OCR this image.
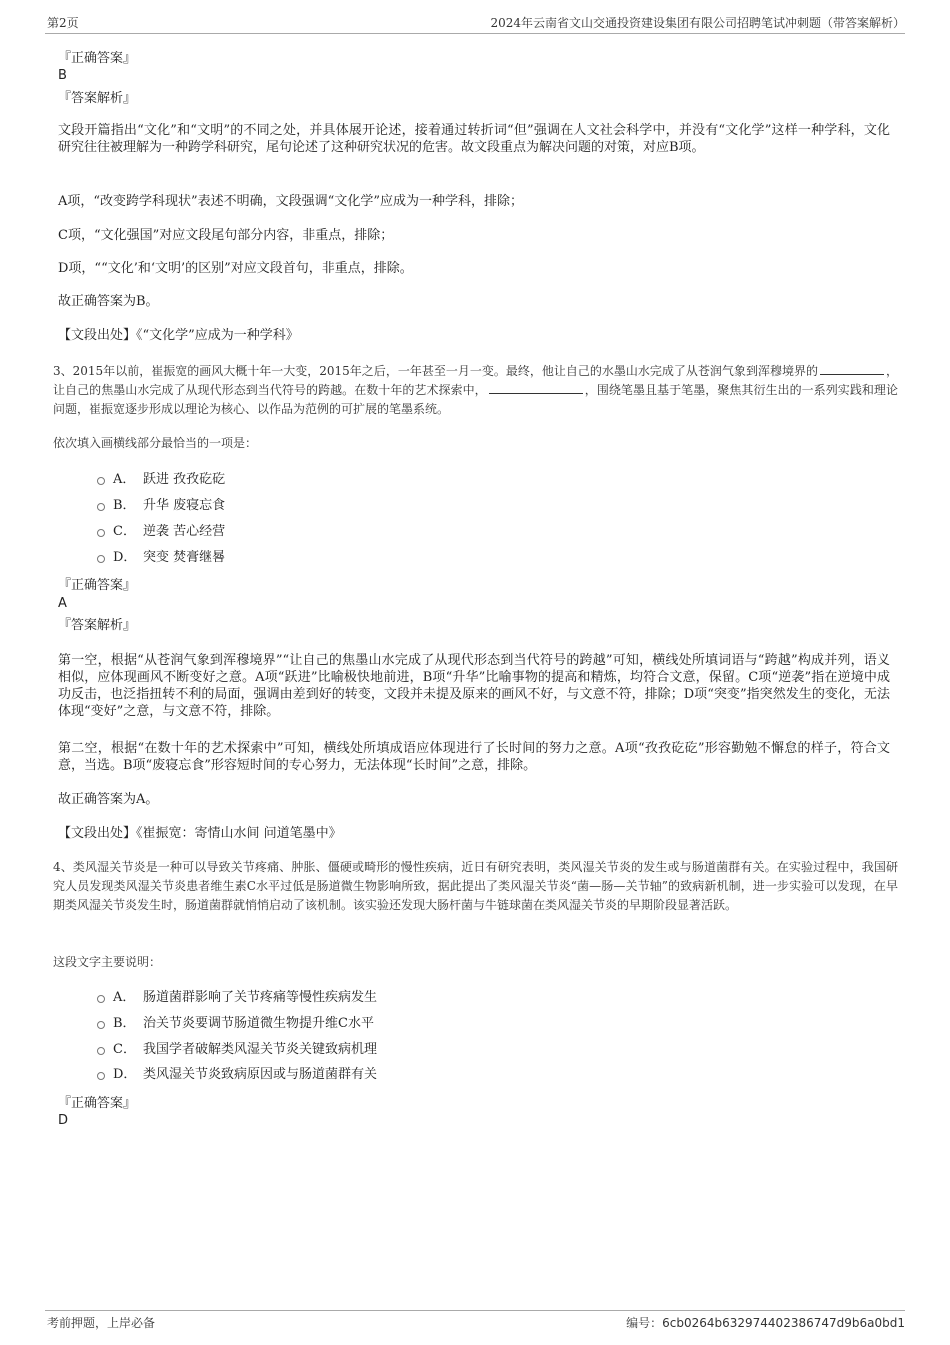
第2页	2024年云南省文山交通投资建设集团有限公司招聘笔试冲刺题（带答案解析）
『正确答案』
B
『答案解析』
文段开篇指出“文化”和“文明”的不同之处，并具体展开论述，接着通过转折词“但”强调在人文社会科学中，并没有“文化学”这样一种学科，文化研究往往被理解为一种跨学科研究，尾句论述了这种研究状况的危害。故文段重点为解决问题的对策，对应B项。
A项，“改变跨学科现状”表述不明确，文段强调“文化学”应成为一种学科，排除；
C项，“文化强国”对应文段尾句部分内容，非重点，排除；
D项，““文化’和‘文明’的区别”对应文段首句，非重点，排除。
故正确答案为B。
【文段出处】《“文化学”应成为一种学科》
3、2015年以前，崔振宽的画风大概十年一大变，2015年之后，一年甚至一月一变。最终，他让自己的水墨山水完成了从苍润气象到浑穆境界的	，让自己的焦墨山水完成了从现代形态到当代符号的跨越。在数十年的艺术探索中，	，围绕笔墨且基于笔墨，聚焦其衍生出的一系列实践和理论问题，崔振宽逐步形成以理论为核心、以作品为范例的可扩展的笔墨系统。
依次填入画横线部分最恰当的一项是：
A． 跃进 孜孜矻矻
B． 升华 废寝忘食
C． 逆袭 苦心经营
D． 突变 焚膏继晷
『正确答案』
A
『答案解析』
第一空，根据“从苍润气象到浑穆境界”“让自己的焦墨山水完成了从现代形态到当代符号的跨越”可知，横线处所填词语与“跨越”构成并列，语义相似，应体现画风不断变好之意。A项“跃进”比喻极快地前进，B项“升华”比喻事物的提高和精炼，均符合文意，保留。C项“逆袭”指在逆境中成功反击，也泛指扭转不利的局面，强调由差到好的转变，文段并未提及原来的画风不好，与文意不符，排除；D项“突变”指突然发生的变化，无法体现“变好”之意，与文意不符，排除。
第二空，根据“在数十年的艺术探索中”可知，横线处所填成语应体现进行了长时间的努力之意。A项“孜孜矻矻”形容勤勉不懈怠的样子，符合文意，当选。B项“废寝忘食”形容短时间的专心努力，无法体现“长时间”之意，排除。
故正确答案为A。
【文段出处】《崔振宽：寄情山水间 问道笔墨中》
4、类风湿关节炎是一种可以导致关节疼痛、肿胀、僵硬或畸形的慢性疾病，近日有研究表明，类风湿关节炎的发生或与肠道菌群有关。在实验过程中，我国研究人员发现类风湿关节炎患者维生素C水平过低是肠道微生物影响所致，据此提出了类风湿关节炎“菌—肠—关节轴”的致病新机制，进一步实验可以发现，在早期类风湿关节炎发生时，肠道菌群就悄悄启动了该机制。该实验还发现大肠杆菌与牛链球菌在类风湿关节炎的早期阶段显著活跃。
这段文字主要说明：
A． 肠道菌群影响了关节疼痛等慢性疾病发生
B． 治关节炎要调节肠道微生物提升维C水平
C． 我国学者破解类风湿关节炎关键致病机理
D． 类风湿关节炎致病原因或与肠道菌群有关
『正确答案』
D
考前押题，上岸必备	编号：6cb0264b632974402386747d9b6a0bd1
